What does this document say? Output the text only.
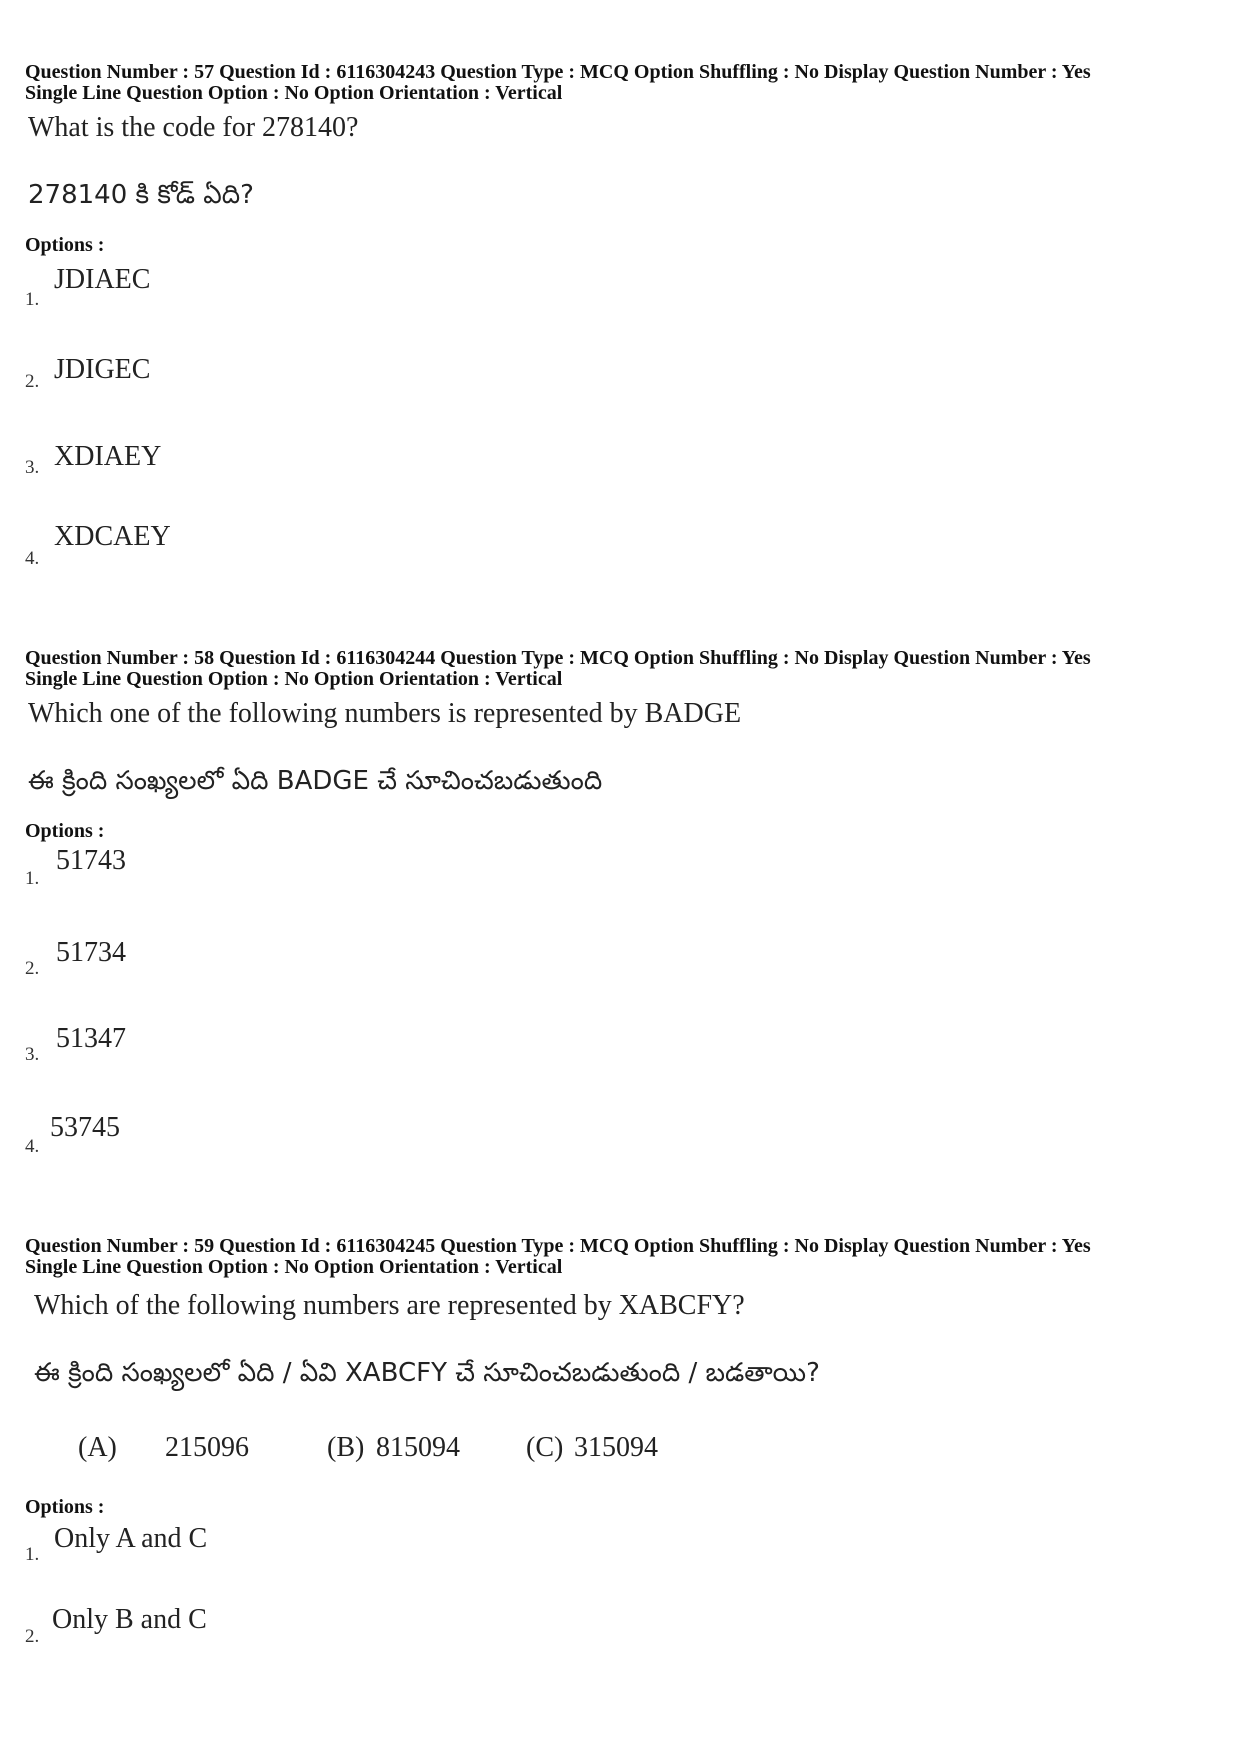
Question Number : 57 Question Id : 6116304243 Question Type : MCQ Option Shuffling : No Display Question Number : Yes
Single Line Question Option : No Option Orientation : Vertical
What is the code for 278140?
278140 కి కోడ్ ఏది?
Options :
1.
JDIAEC
2. JDIGEC
3. XDIAEY
4.
XDCAEY
Question Number : 58 Question Id : 6116304244 Question Type : MCQ Option Shuffling : No Display Question Number : Yes
Single Line Question Option : No Option Orientation : Vertical
Which one of the following numbers is represented by BADGE
ఈ క్రింది సంఖ్యలలో ఏది BADGE చే సూచించబడుతుంది
Options :
1.
51743
2.
51734
3.
51347
4.
53745
Question Number : 59 Question Id : 6116304245 Question Type : MCQ Option Shuffling : No Display Question Number : Yes
Single Line Question Option : No Option Orientation : Vertical
Which of the following numbers are represented by XABCFY?
ఈ క్రింది సంఖ్యలలో ఏది / ఏవి XABCFY చే సూచించబడుతుంది / బడతాయి?
(A) 215096	(B) 815094 (C) 315094
Options :
1.
Only A and C
2.
Only B and C
